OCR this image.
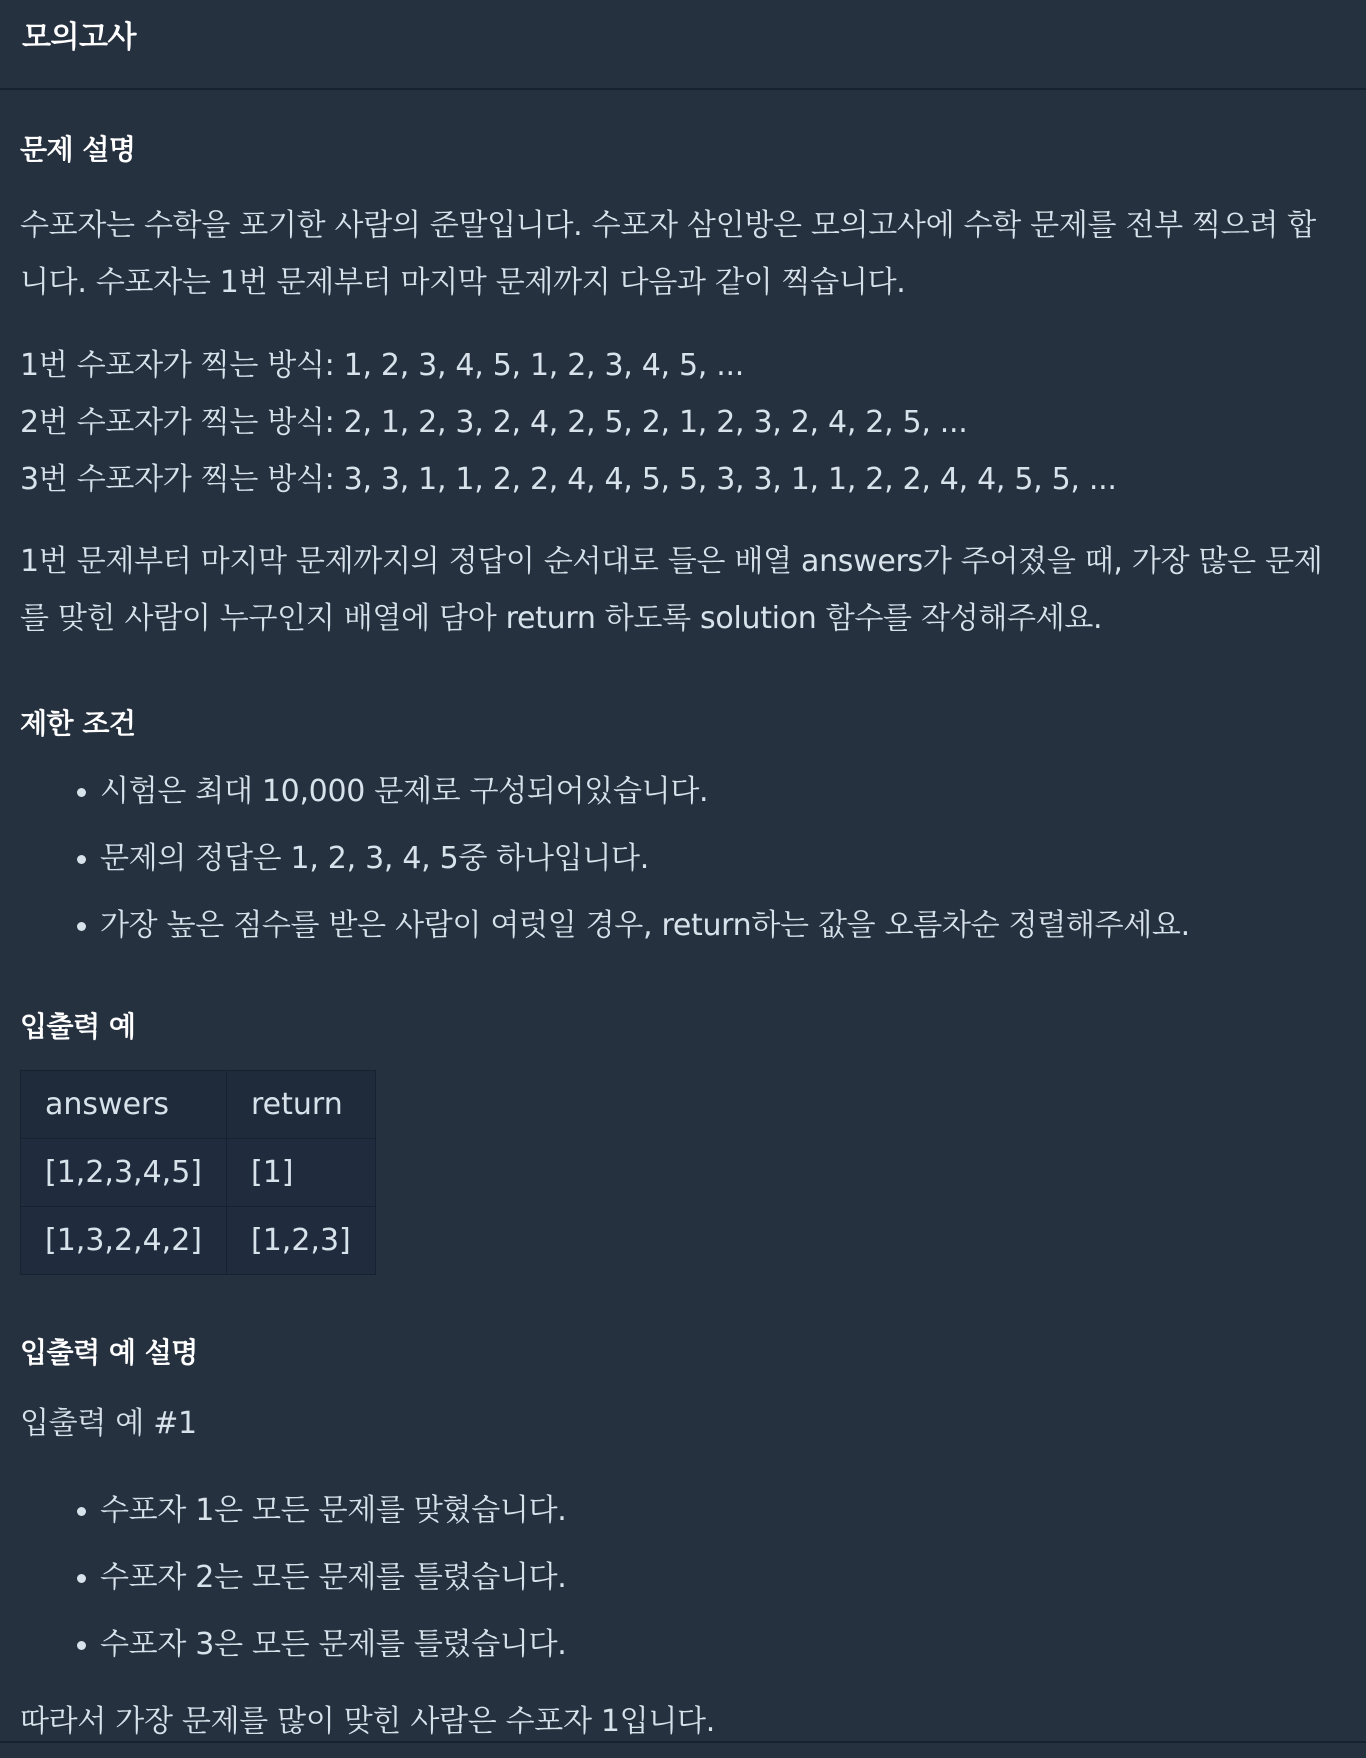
모의고사
문제 설명

수포자는 수학을 포기한 사람의 준말입니다. 수포자 삼인방은 모의고사에 수학 문제를 전부 찍으려 합

니다. 수포자는 1번 문제부터 마지막 문제까지 다음과 같이 찍습니다.

1번 수포자가 찍는 방식: 1, 2, 3, 4, 5, 1, 2, 3, 4, 5, ...

2번 수포자가 찍는 방식: 2, 1, 2, 3, 2, 4, 2, 5, 2, 1, 2, 3, 2, 4, 2, 5, ...

3번 수포자가 찍는 방식: 3, 3, 1, 1, 2, 2, 4, 4, 5, 5, 3, 3, 1, 1, 2, 2, 4, 4, 5, 5, ...

1번 문제부터 마지막 문제까지의 정답이 순서대로 들은 배열 answers가 주어졌을 때, 가장 많은 문제

를 맞힌 사람이 누구인지 배열에 담아 return 하도록 solution 함수를 작성해주세요.

제한 조건
시험은 최대 10,000 문제로 구성되어있습니다.
문제의 정답은 1, 2, 3, 4, 5중 하나입니다.
가장 높은 점수를 받은 사람이 여럿일 경우, return하는 값을 오름차순 정렬해주세요.
입출력 예
answers	return
[1,2,3,4,5]	[1]
[1,3,2,4,2]	[1,2,3]
입출력 예 설명

입출력 예 #1

수포자 1은 모든 문제를 맞혔습니다.
수포자 2는 모든 문제를 틀렸습니다.
수포자 3은 모든 문제를 틀렸습니다.

따라서 가장 문제를 많이 맞힌 사람은 수포자 1입니다.
